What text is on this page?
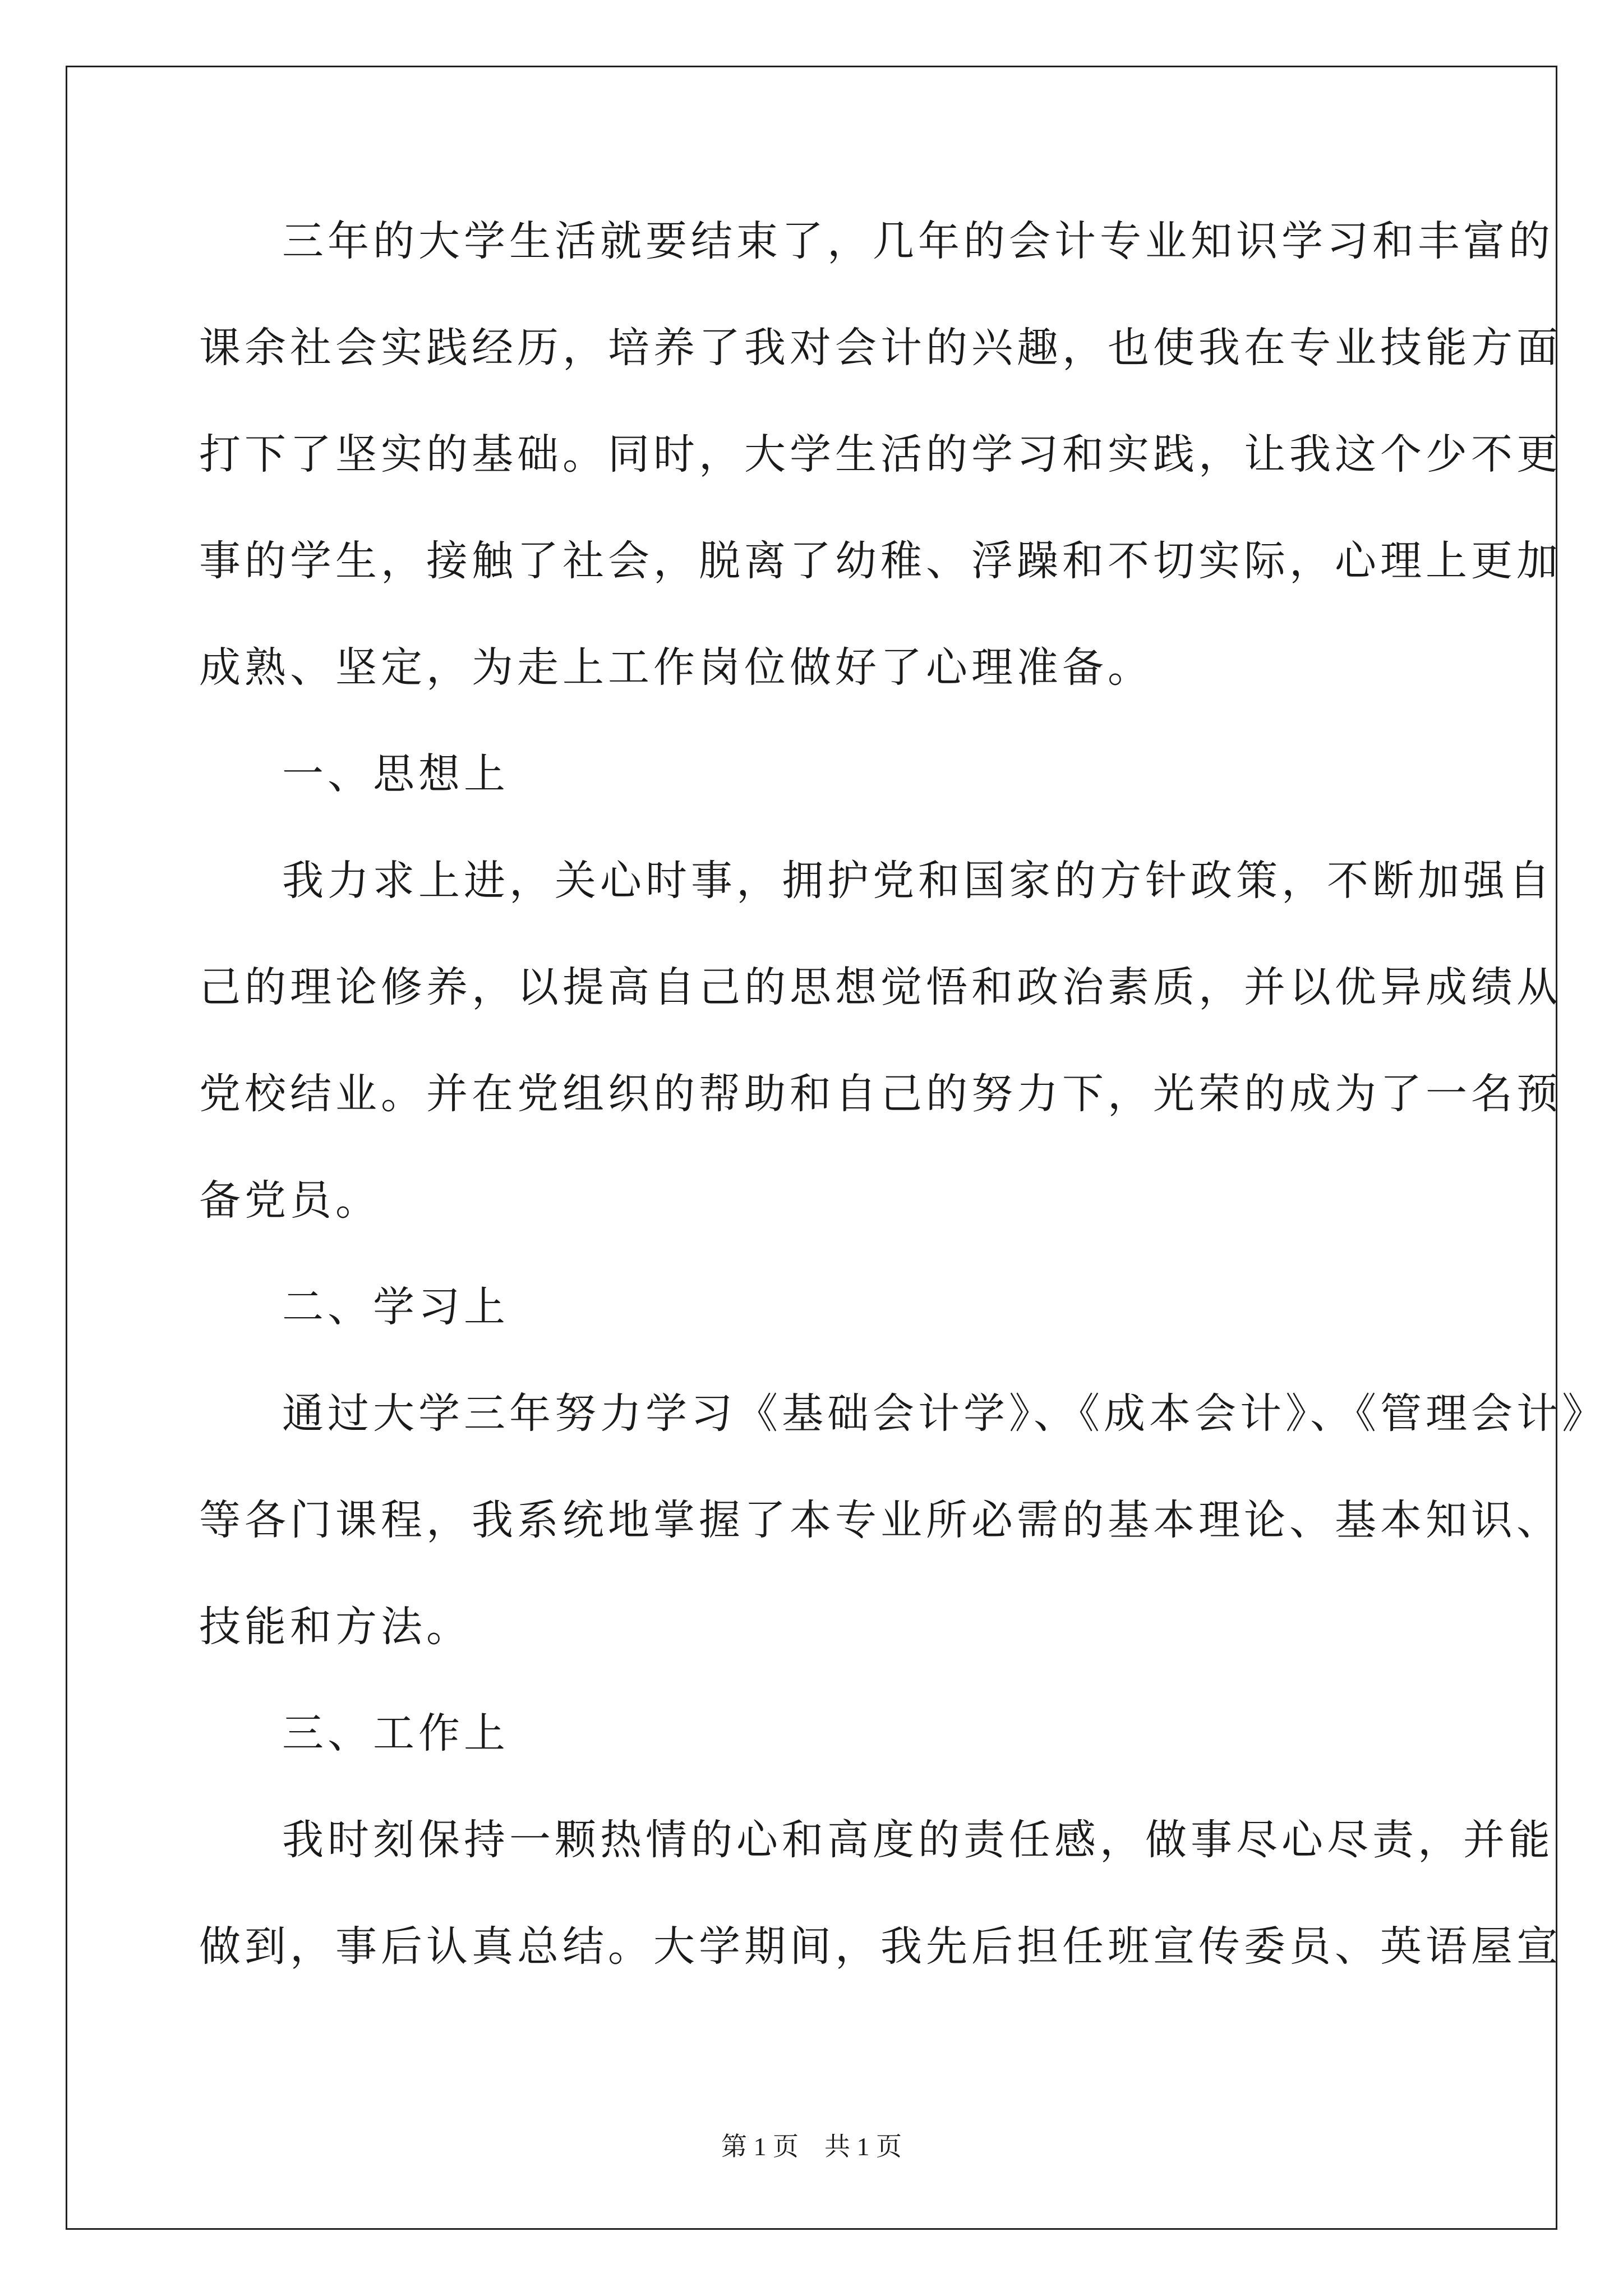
三年的大学生活就要结束了，几年的会计专业知识学习和丰富的
课余社会实践经历，培养了我对会计的兴趣，也使我在专业技能方面
打下了坚实的基础。同时，大学生活的学习和实践，让我这个少不更
事的学生，接触了社会，脱离了幼稚、浮躁和不切实际，心理上更加
成熟、坚定，为走上工作岗位做好了心理准备。
一、思想上
我力求上进，关心时事，拥护党和国家的方针政策，不断加强自
己的理论修养，以提高自己的思想觉悟和政治素质，并以优异成绩从
党校结业。并在党组织的帮助和自己的努力下，光荣的成为了一名预
备党员。
二、学习上
通过大学三年努力学习《基础会计学》、《成本会计》、《管理会计》
等各门课程，我系统地掌握了本专业所必需的基本理论、基本知识、
技能和方法。
三、工作上
我时刻保持一颗热情的心和高度的责任感，做事尽心尽责，并能
做到，事后认真总结。大学期间，我先后担任班宣传委员、英语屋宣
第 1 页    共 1 页
